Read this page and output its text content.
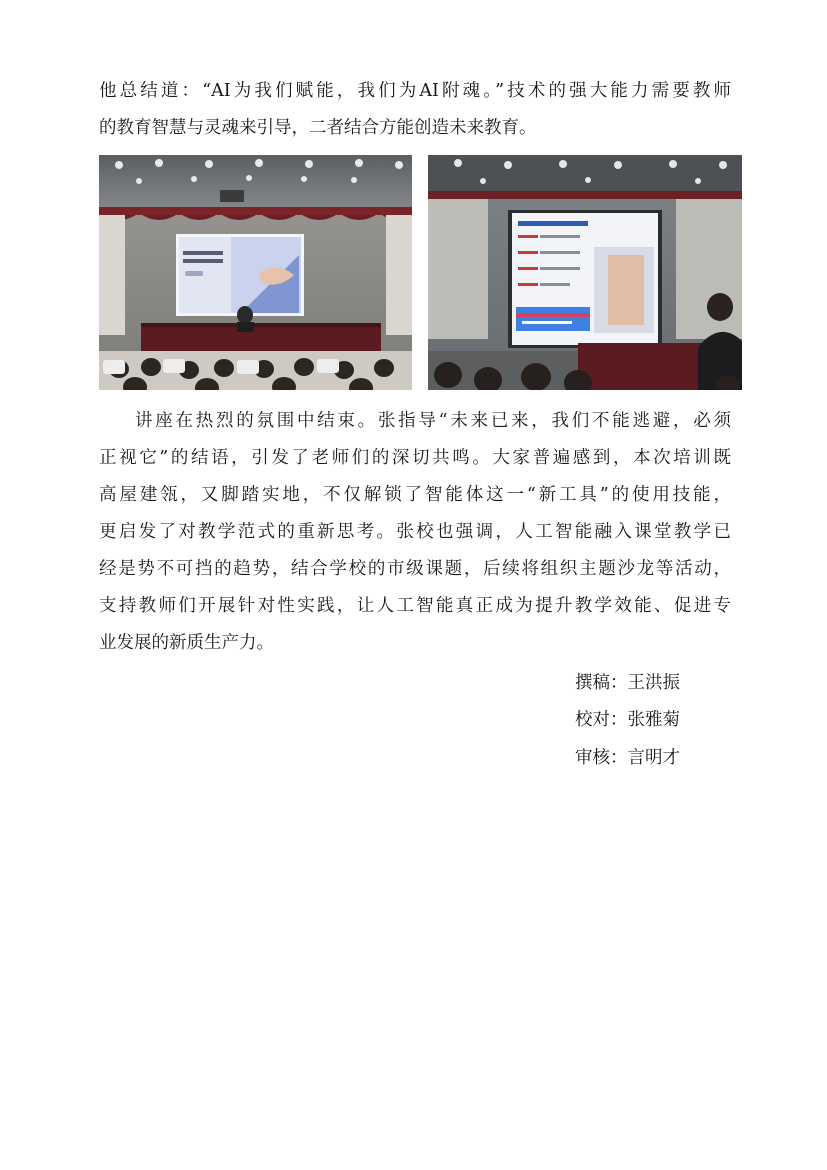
他总结道：“AI为我们赋能，我们为AI附魂。”技术的强大能力需要教师
的教育智慧与灵魂来引导，二者结合方能创造未来教育。

讲座在热烈的氛围中结束。张指导“未来已来，我们不能逃避，必须
正视它”的结语，引发了老师们的深切共鸣。大家普遍感到，本次培训既
高屋建瓴，又脚踏实地，不仅解锁了智能体这一“新工具”的使用技能，
更启发了对教学范式的重新思考。张校也强调，人工智能融入课堂教学已
经是势不可挡的趋势，结合学校的市级课题，后续将组织主题沙龙等活动，
支持教师们开展针对性实践，让人工智能真正成为提升教学效能、促进专
业发展的新质生产力。

撰稿：王洪振
校对：张雅菊
审核：言明才
